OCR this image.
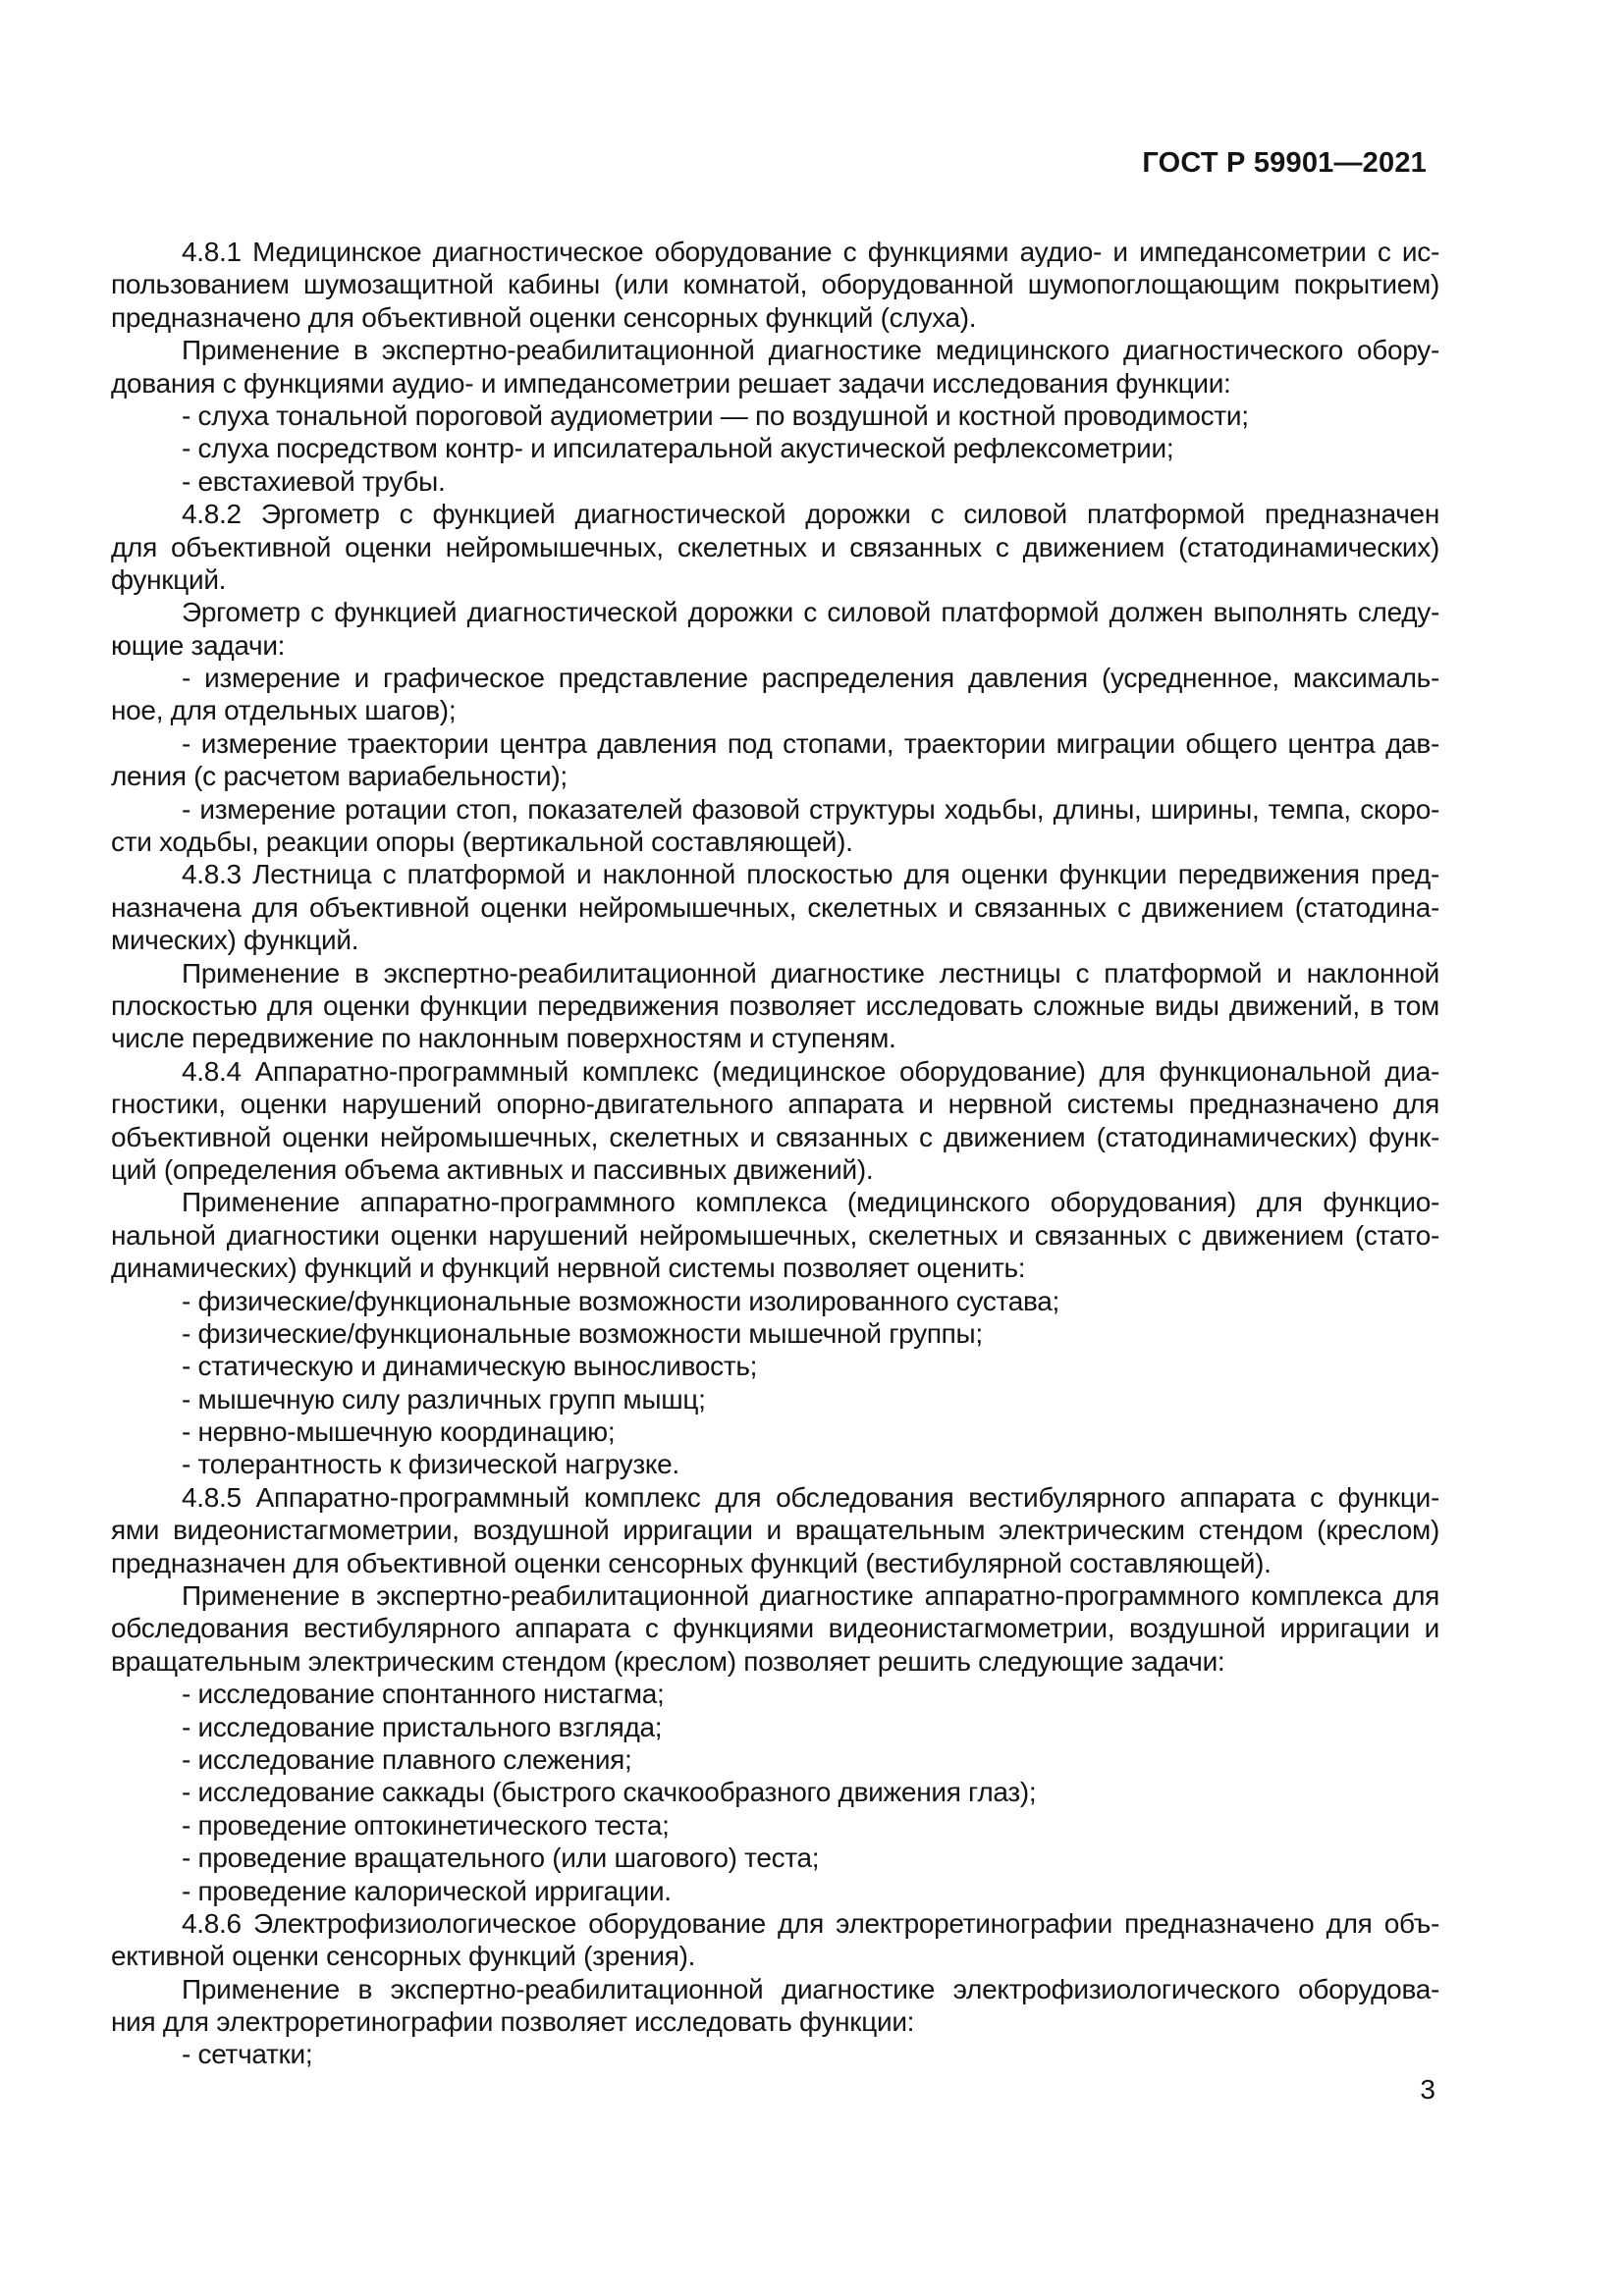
ГОСТ Р 59901—2021
4.8.1 Медицинское диагностическое оборудование с функциями аудио- и импедансометрии с ис-
пользованием шумозащитной кабины (или комнатой, оборудованной шумопоглощающим покрытием)
предназначено для объективной оценки сенсорных функций (слуха).
Применение в экспертно-реабилитационной диагностике медицинского диагностического обору-
дования с функциями аудио- и импедансометрии решает задачи исследования функции:
- слуха тональной пороговой аудиометрии — по воздушной и костной проводимости;
- слуха посредством контр- и ипсилатеральной акустической рефлексометрии;
- евстахиевой трубы.
4.8.2 Эргометр с функцией диагностической дорожки с силовой платформой предназначен
для объективной оценки нейромышечных, скелетных и связанных с движением (статодинамических)
функций.
Эргометр с функцией диагностической дорожки с силовой платформой должен выполнять следу-
ющие задачи:
- измерение и графическое представление распределения давления (усредненное, максималь-
ное, для отдельных шагов);
- измерение траектории центра давления под стопами, траектории миграции общего центра дав-
ления (с расчетом вариабельности);
- измерение ротации стоп, показателей фазовой структуры ходьбы, длины, ширины, темпа, скоро-
сти ходьбы, реакции опоры (вертикальной составляющей).
4.8.3 Лестница с платформой и наклонной плоскостью для оценки функции передвижения пред-
назначена для объективной оценки нейромышечных, скелетных и связанных с движением (статодина-
мических) функций.
Применение в экспертно-реабилитационной диагностике лестницы с платформой и наклонной
плоскостью для оценки функции передвижения позволяет исследовать сложные виды движений, в том
числе передвижение по наклонным поверхностям и ступеням.
4.8.4 Аппаратно-программный комплекс (медицинское оборудование) для функциональной диа-
гностики, оценки нарушений опорно-двигательного аппарата и нервной системы предназначено для
объективной оценки нейромышечных, скелетных и связанных с движением (статодинамических) функ-
ций (определения объема активных и пассивных движений).
Применение аппаратно-программного комплекса (медицинского оборудования) для функцио-
нальной диагностики оценки нарушений нейромышечных, скелетных и связанных с движением (стато-
динамических) функций и функций нервной системы позволяет оценить:
- физические/функциональные возможности изолированного сустава;
- физические/функциональные возможности мышечной группы;
- статическую и динамическую выносливость;
- мышечную силу различных групп мышц;
- нервно-мышечную координацию;
- толерантность к физической нагрузке.
4.8.5 Аппаратно-программный комплекс для обследования вестибулярного аппарата с функци-
ями видеонистагмометрии, воздушной ирригации и вращательным электрическим стендом (креслом)
предназначен для объективной оценки сенсорных функций (вестибулярной составляющей).
Применение в экспертно-реабилитационной диагностике аппаратно-программного комплекса для
обследования вестибулярного аппарата с функциями видеонистагмометрии, воздушной ирригации и
вращательным электрическим стендом (креслом) позволяет решить следующие задачи:
- исследование спонтанного нистагма;
- исследование пристального взгляда;
- исследование плавного слежения;
- исследование саккады (быстрого скачкообразного движения глаз);
- проведение оптокинетического теста;
- проведение вращательного (или шагового) теста;
- проведение калорической ирригации.
4.8.6 Электрофизиологическое оборудование для электроретинографии предназначено для объ-
ективной оценки сенсорных функций (зрения).
Применение в экспертно-реабилитационной диагностике электрофизиологического оборудова-
ния для электроретинографии позволяет исследовать функции:
- сетчатки;
3
